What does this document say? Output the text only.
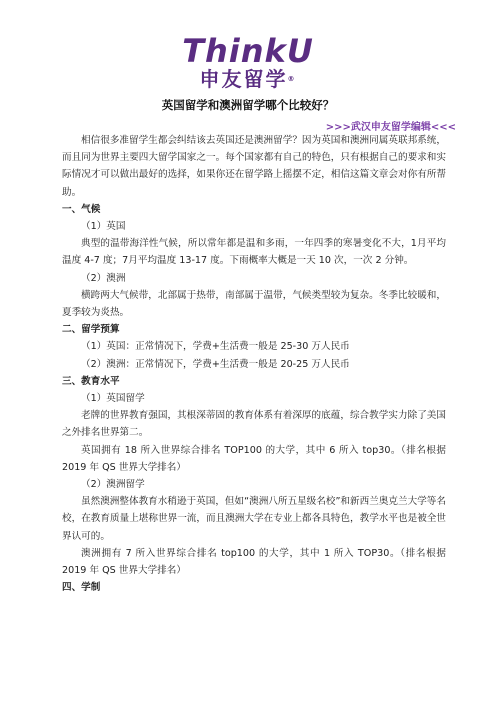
ThinkU
申友留学®
英国留学和澳洲留学哪个比较好？
>>>武汉申友留学编辑<<<

相信很多准留学生都会纠结该去英国还是澳洲留学？因为英国和澳洲同属英联邦系统，而且同为世界主要四大留学国家之一。每个国家都有自己的特色，只有根据自己的要求和实际情况才可以做出最好的选择，如果你还在留学路上摇摆不定，相信这篇文章会对你有所帮助。

一、气候

（1）英国

典型的温带海洋性气候，所以常年都是温和多雨，一年四季的寒暑变化不大，1月平均温度 4-7 度；7月平均温度 13-17 度。下雨概率大概是一天 10 次，一次 2 分钟。

（2）澳洲

横跨两大气候带，北部属于热带，南部属于温带，气候类型较为复杂。冬季比较暖和，夏季较为炎热。

二、留学预算

（1）英国：正常情况下，学费+生活费一般是 25-30 万人民币

（2）澳洲：正常情况下，学费+生活费一般是 20-25 万人民币

三、教育水平

（1）英国留学

老牌的世界教育强国，其根深蒂固的教育体系有着深厚的底蕴，综合教学实力除了美国之外排名世界第二。

英国拥有 18 所入世界综合排名 TOP100 的大学，其中 6 所入 top30。（排名根据 2019 年 QS 世界大学排名）

（2）澳洲留学

虽然澳洲整体教育水稍逊于英国，但如“澳洲八所五星级名校”和新西兰奥克兰大学等名校，在教育质量上堪称世界一流，而且澳洲大学在专业上都各具特色，教学水平也是被全世界认可的。

澳洲拥有 7 所入世界综合排名 top100 的大学，其中 1 所入 TOP30。（排名根据 2019 年 QS 世界大学排名）

四、学制
